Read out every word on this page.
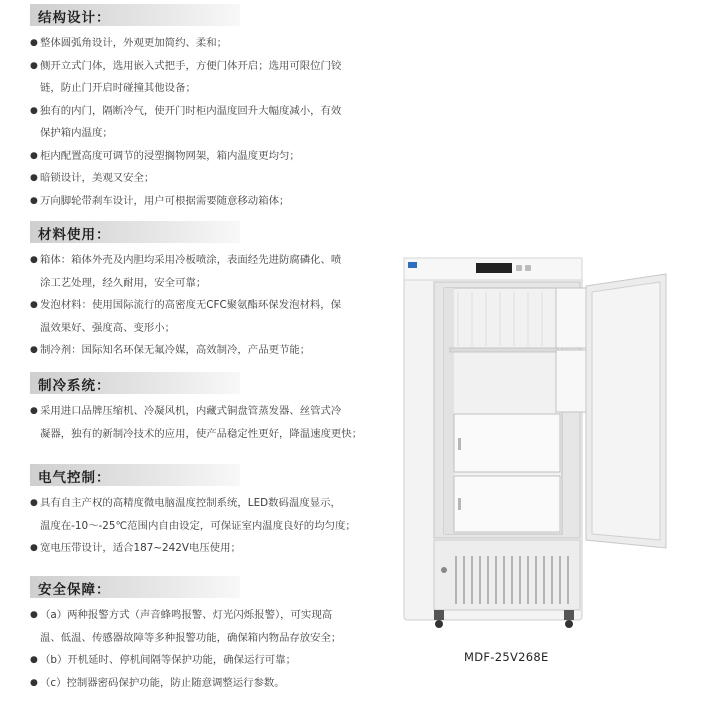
结构设计：
● 整体圆弧角设计，外观更加简约、柔和；
● 侧开立式门体，选用嵌入式把手，方便门体开启；选用可限位门铰
链，防止门开启时碰撞其他设备；
● 独有的内门，隔断冷气，使开门时柜内温度回升大幅度减小，有效
保护箱内温度；
● 柜内配置高度可调节的浸塑搁物网架，箱内温度更均匀；
● 暗锁设计，美观又安全；
● 万向脚轮带刹车设计，用户可根据需要随意移动箱体；
材料使用：
● 箱体：箱体外壳及内胆均采用冷板喷涂，表面经先进防腐磷化、喷
涂工艺处理，经久耐用，安全可靠；
● 发泡材料：使用国际流行的高密度无CFC聚氨酯环保发泡材料，保
温效果好、强度高、变形小；
● 制冷剂：国际知名环保无氟冷媒，高效制冷，产品更节能；
制冷系统：
● 采用进口品牌压缩机、冷凝风机，内藏式铜盘管蒸发器、丝管式冷
凝器，独有的新制冷技术的应用，使产品稳定性更好，降温速度更快；
电气控制：
● 具有自主产权的高精度微电脑温度控制系统，LED数码温度显示，
温度在-10～-25℃范围内自由设定，可保证室内温度良好的均匀度；
● 宽电压带设计，适合187~242V电压使用；
安全保障：
● （a）两种报警方式（声音蜂鸣报警、灯光闪烁报警），可实现高
温、低温、传感器故障等多种报警功能，确保箱内物品存放安全；
● （b）开机延时、停机间隔等保护功能，确保运行可靠；
● （c）控制器密码保护功能，防止随意调整运行参数。
MDF-25V268E
